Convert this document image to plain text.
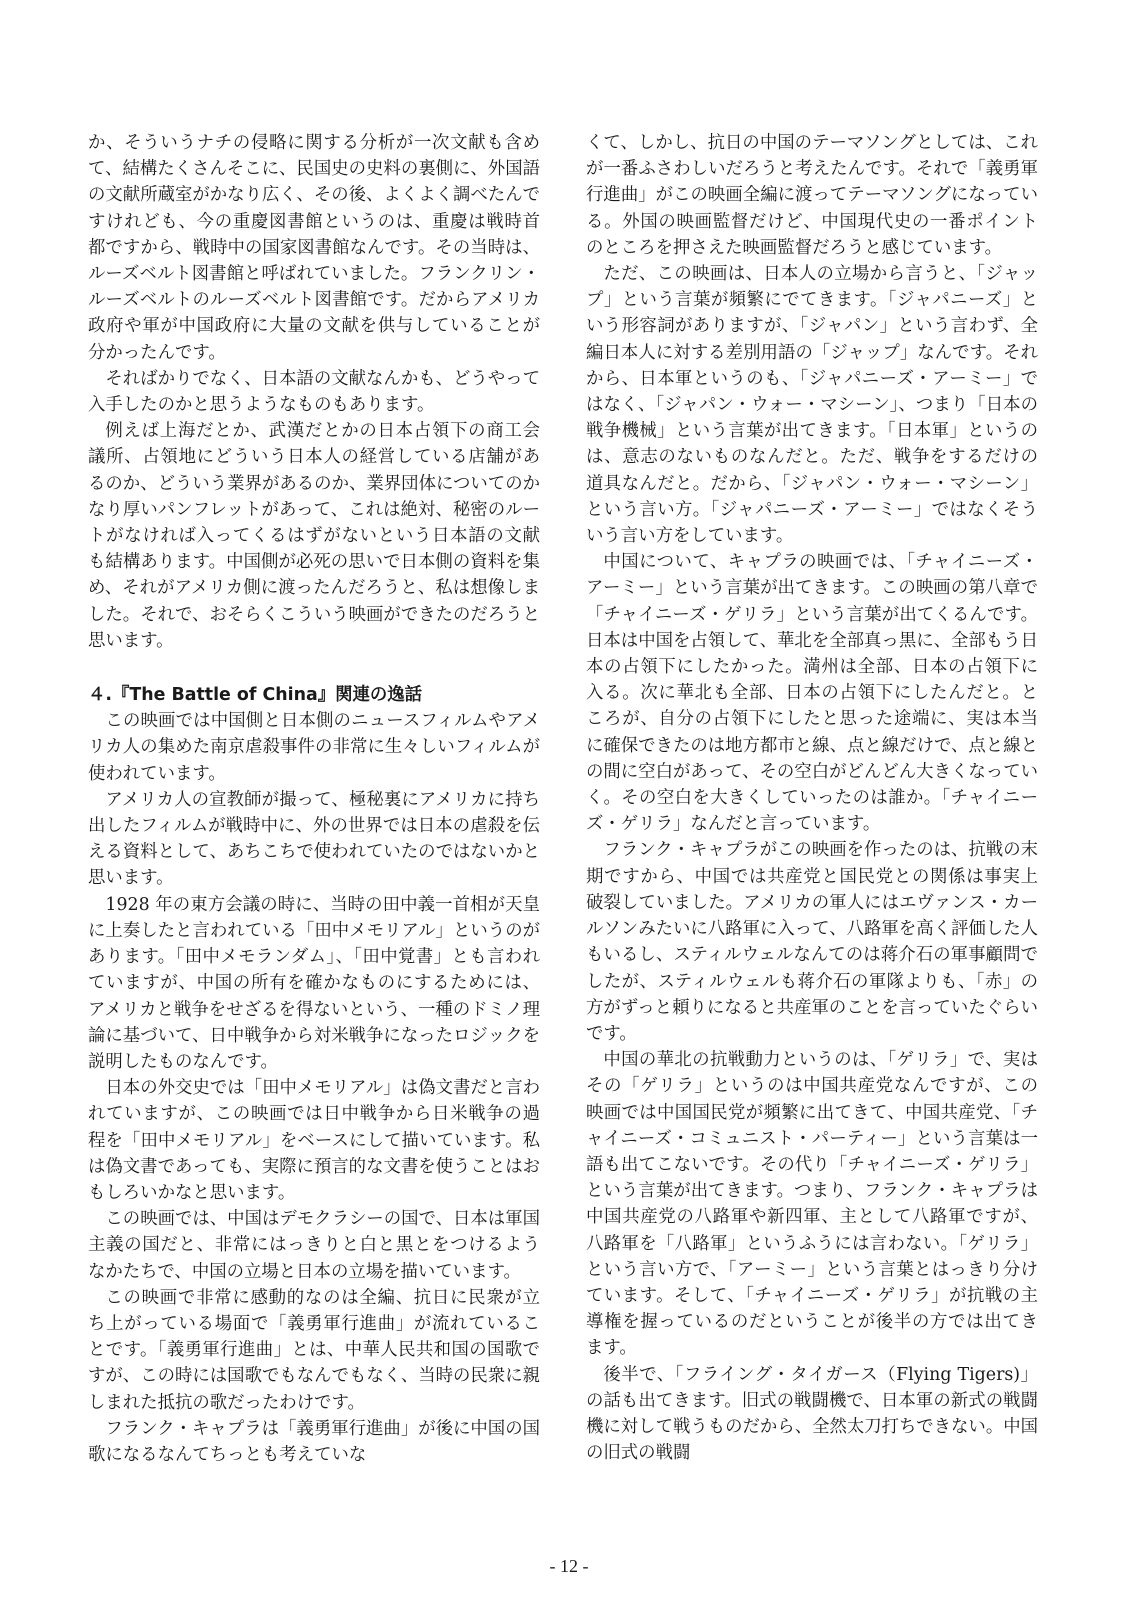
か、そういうナチの侵略に関する分析が一次文献も含めて、結構たくさんそこに、民国史の史料の裏側に、外国語の文献所蔵室がかなり広く、その後、よくよく調べたんですけれども、今の重慶図書館というのは、重慶は戦時首都ですから、戦時中の国家図書館なんです。その当時は、ルーズベルト図書館と呼ばれていました。フランクリン・ルーズベルトのルーズベルト図書館です。だからアメリカ政府や軍が中国政府に大量の文献を供与していることが分かったんです。

そればかりでなく、日本語の文献なんかも、どうやって入手したのかと思うようなものもあります。

例えば上海だとか、武漢だとかの日本占領下の商工会議所、占領地にどういう日本人の経営している店舗があるのか、どういう業界があるのか、業界団体についてのかなり厚いパンフレットがあって、これは絶対、秘密のルートがなければ入ってくるはずがないという日本語の文献も結構あります。中国側が必死の思いで日本側の資料を集め、それがアメリカ側に渡ったんだろうと、私は想像しました。それで、おそらくこういう映画ができたのだろうと思います。

４.『The Battle of China』関連の逸話

この映画では中国側と日本側のニュースフィルムやアメリカ人の集めた南京虐殺事件の非常に生々しいフィルムが使われています。

アメリカ人の宣教師が撮って、極秘裏にアメリカに持ち出したフィルムが戦時中に、外の世界では日本の虐殺を伝える資料として、あちこちで使われていたのではないかと思います。

1928 年の東方会議の時に、当時の田中義一首相が天皇に上奏したと言われている「田中メモリアル」というのがあります。「田中メモランダム」、「田中覚書」とも言われていますが、中国の所有を確かなものにするためには、アメリカと戦争をせざるを得ないという、一種のドミノ理論に基づいて、日中戦争から対米戦争になったロジックを説明したものなんです。

日本の外交史では「田中メモリアル」は偽文書だと言われていますが、この映画では日中戦争から日米戦争の過程を「田中メモリアル」をベースにして描いています。私は偽文書であっても、実際に預言的な文書を使うことはおもしろいかなと思います。

この映画では、中国はデモクラシーの国で、日本は軍国主義の国だと、非常にはっきりと白と黒とをつけるようなかたちで、中国の立場と日本の立場を描いています。

この映画で非常に感動的なのは全編、抗日に民衆が立ち上がっている場面で「義勇軍行進曲」が流れていることです。「義勇軍行進曲」とは、中華人民共和国の国歌ですが、この時には国歌でもなんでもなく、当時の民衆に親しまれた抵抗の歌だったわけです。

フランク・キャプラは「義勇軍行進曲」が後に中国の国歌になるなんてちっとも考えていな

くて、しかし、抗日の中国のテーマソングとしては、これが一番ふさわしいだろうと考えたんです。それで「義勇軍行進曲」がこの映画全編に渡ってテーマソングになっている。外国の映画監督だけど、中国現代史の一番ポイントのところを押さえた映画監督だろうと感じています。

ただ、この映画は、日本人の立場から言うと、「ジャップ」という言葉が頻繁にでてきます。「ジャパニーズ」という形容詞がありますが、「ジャパン」という言わず、全編日本人に対する差別用語の「ジャップ」なんです。それから、日本軍というのも、「ジャパニーズ・アーミー」ではなく、「ジャパン・ウォー・マシーン」、つまり「日本の戦争機械」という言葉が出てきます。「日本軍」というのは、意志のないものなんだと。ただ、戦争をするだけの道具なんだと。だから、「ジャパン・ウォー・マシーン」という言い方。「ジャパニーズ・アーミー」ではなくそういう言い方をしています。

中国について、キャプラの映画では、「チャイニーズ・アーミー」という言葉が出てきます。この映画の第八章で「チャイニーズ・ゲリラ」という言葉が出てくるんです。日本は中国を占領して、華北を全部真っ黒に、全部もう日本の占領下にしたかった。満州は全部、日本の占領下に入る。次に華北も全部、日本の占領下にしたんだと。ところが、自分の占領下にしたと思った途端に、実は本当に確保できたのは地方都市と線、点と線だけで、点と線との間に空白があって、その空白がどんどん大きくなっていく。その空白を大きくしていったのは誰か。「チャイニーズ・ゲリラ」なんだと言っています。

フランク・キャプラがこの映画を作ったのは、抗戦の末期ですから、中国では共産党と国民党との関係は事実上破裂していました。アメリカの軍人にはエヴァンス・カールソンみたいに八路軍に入って、八路軍を高く評価した人もいるし、スティルウェルなんてのは蒋介石の軍事顧問でしたが、スティルウェルも蒋介石の軍隊よりも、「赤」の方がずっと頼りになると共産軍のことを言っていたぐらいです。

中国の華北の抗戦動力というのは、「ゲリラ」で、実はその「ゲリラ」というのは中国共産党なんですが、この映画では中国国民党が頻繁に出てきて、中国共産党、「チャイニーズ・コミュニスト・パーティー」という言葉は一語も出てこないです。その代り「チャイニーズ・ゲリラ」という言葉が出てきます。つまり、フランク・キャプラは中国共産党の八路軍や新四軍、主として八路軍ですが、八路軍を「八路軍」というふうには言わない。「ゲリラ」という言い方で、「アーミー」という言葉とはっきり分けています。そして、「チャイニーズ・ゲリラ」が抗戦の主導権を握っているのだということが後半の方では出てきます。

後半で、「フライング・タイガース（Flying Tigers)」の話も出てきます。旧式の戦闘機で、日本軍の新式の戦闘機に対して戦うものだから、全然太刀打ちできない。中国の旧式の戦闘

- 12 -
